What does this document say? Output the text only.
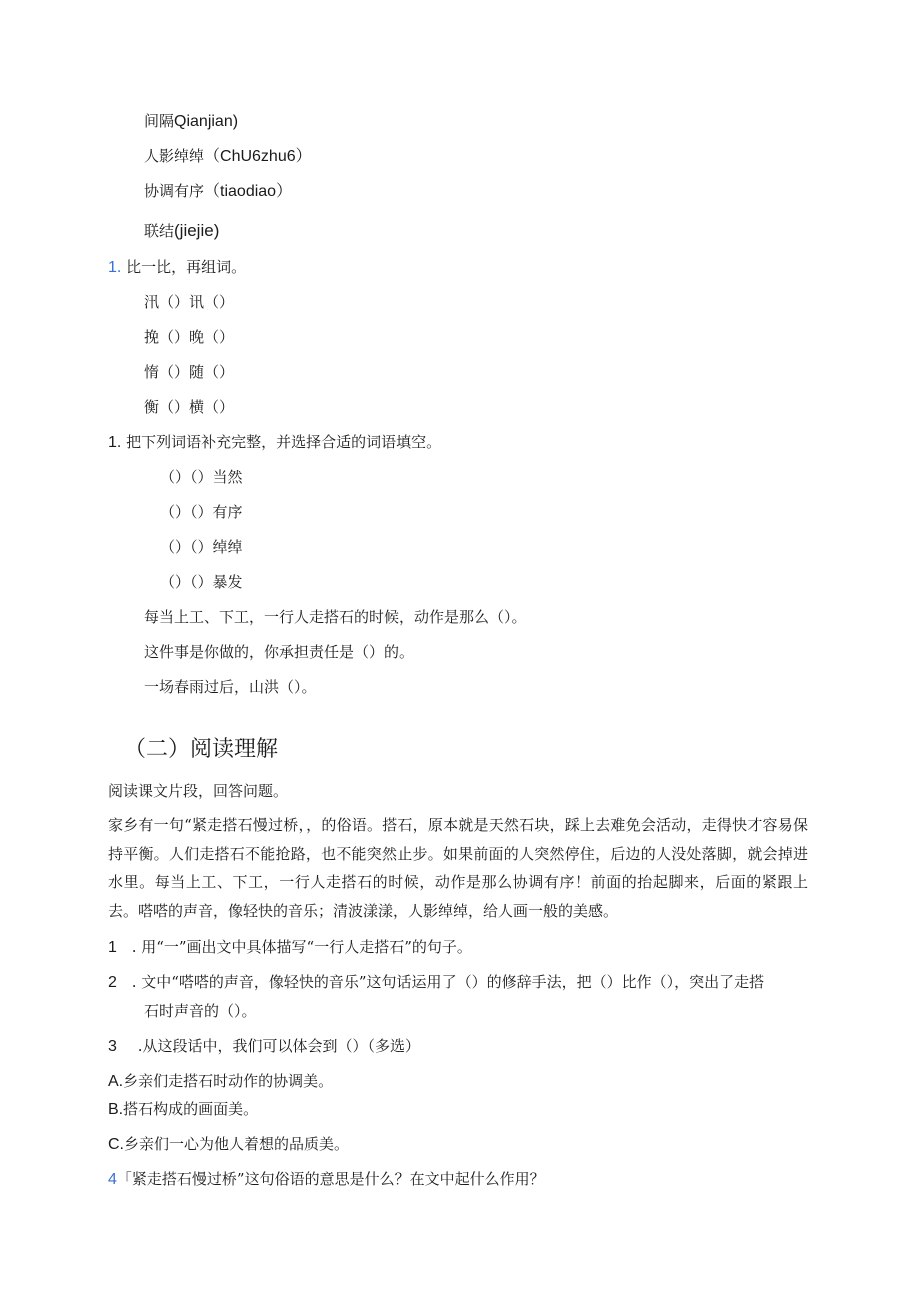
间隔Qianjian)
人影绰绰（ChU6zhu6）
协调有序（tiaodiao）
联结(jiejie)
1. 比一比，再组词。
汛（）讯（）
挽（）晚（）
惰（）随（）
衡（）横（）
1. 把下列词语补充完整，并选择合适的词语填空。
（）（）当然
（）（）有序
（）（）绰绰
（）（）暴发
每当上工、下工，一行人走搭石的时候，动作是那么（）。
这件事是你做的，你承担责任是（）的。
一场春雨过后，山洪（）。
（二）阅读理解
阅读课文片段，回答问题。
家乡有一句“紧走搭石慢过桥，，的俗语。搭石，原本就是天然石块，踩上去难免会活动，走得快才容易保持平衡。人们走搭石不能抢路，也不能突然止步。如果前面的人突然停住，后边的人没处落脚，就会掉进水里。每当上工、下工，一行人走搭石的时候，动作是那么协调有序！前面的抬起脚来，后面的紧跟上去。嗒嗒的声音，像轻快的音乐；清波漾漾，人影绰绰，给人画一般的美感。
1 . 用“一”画出文中具体描写“一行人走搭石”的句子。
2 . 文中“嗒嗒的声音，像轻快的音乐”这句话运用了（）的修辞手法，把（）比作（），突出了走搭
石时声音的（）。
3 .从这段话中，我们可以体会到（）（多选）
A.乡亲们走搭石时动作的协调美。
B.搭石构成的画面美。
C.乡亲们一心为他人着想的品质美。
4「紧走搭石慢过桥”这句俗语的意思是什么？在文中起什么作用？
